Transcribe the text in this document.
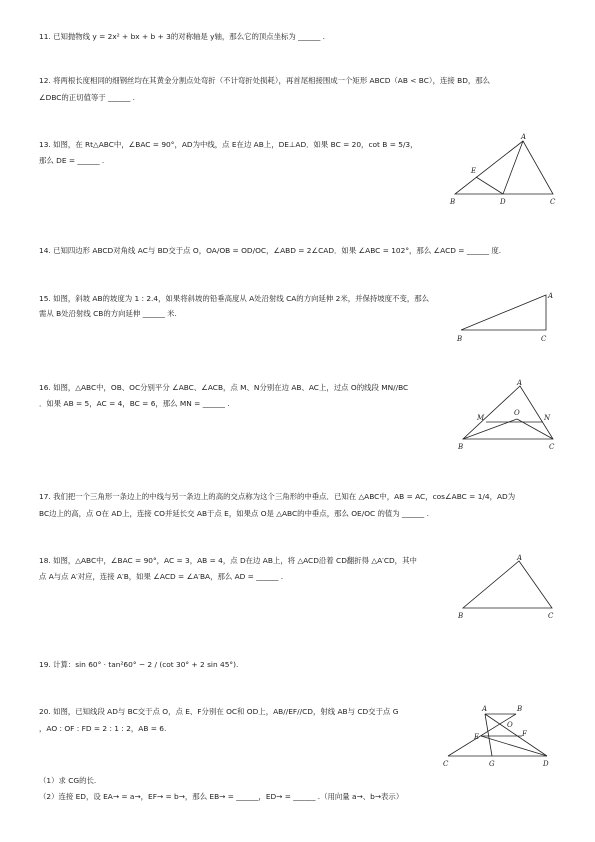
11. 已知抛物线 y = 2x² + bx + b + 3的对称轴是 y轴，那么它的顶点坐标为 ______ .
12. 将两根长度相同的细钢丝均在其黄金分割点处弯折（不计弯折处损耗），再首尾相接围成一个矩形 ABCD（AB < BC），连接 BD，那么
∠DBC的正切值等于 ______ .
13. 如图，在 Rt△ABC中，∠BAC = 90°，AD为中线，点 E在边 AB上，DE⊥AD．如果 BC = 20，cot B = 5/3，
那么 DE = ______ .
14. 已知四边形 ABCD对角线 AC与 BD交于点 O，OA/OB = OD/OC，∠ABD = 2∠CAD．如果 ∠ABC = 102°，那么 ∠ACD = ______ 度.
15. 如图，斜坡 AB的坡度为 1 : 2.4，如果将斜坡的铅垂高度从 A处沿射线 CA的方向延伸 2米，并保持坡度不变，那么
需从 B处沿射线 CB的方向延伸 ______ 米.
16. 如图，△ABC中，OB、OC分别平分 ∠ABC、∠ACB，点 M、N分别在边 AB、AC上，过点 O的线段 MN//BC
．如果 AB = 5，AC = 4，BC = 6，那么 MN = ______ .
17. 我们把一个三角形一条边上的中线与另一条边上的高的交点称为这个三角形的中垂点．已知在 △ABC中，AB = AC，cos∠ABC = 1/4，AD为
BC边上的高，点 O在 AD上，连接 CO并延长交 AB于点 E，如果点 O是 △ABC的中垂点，那么 OE/OC 的值为 ______ .
18. 如图，△ABC中，∠BAC = 90°，AC = 3，AB = 4，点 D在边 AB上，将 △ACD沿着 CD翻折得 △A′CD，其中
点 A与点 A′对应，连接 A′B，如果 ∠ACD = ∠A′BA，那么 AD = ______ .
19. 计算：sin 60° · tan²60° − 2 / (cot 30° + 2 sin 45°).
20. 如图，已知线段 AD与 BC交于点 O，点 E、F分别在 OC和 OD上，AB//EF//CD，射线 AB与 CD交于点 G
，AO : OF : FD = 2 : 1 : 2，AB = 6.
（1）求 CG的长.
（2）连接 ED，设 EA→ = a→，EF→ = b→，那么 EB→ = ______，ED→ = ______ .（用向量 a→、b→表示）
A
E
B	D	C
A
B	C
A
M
O
N
B	C
A
B	C
A	B
O
E	F
C	G	D
